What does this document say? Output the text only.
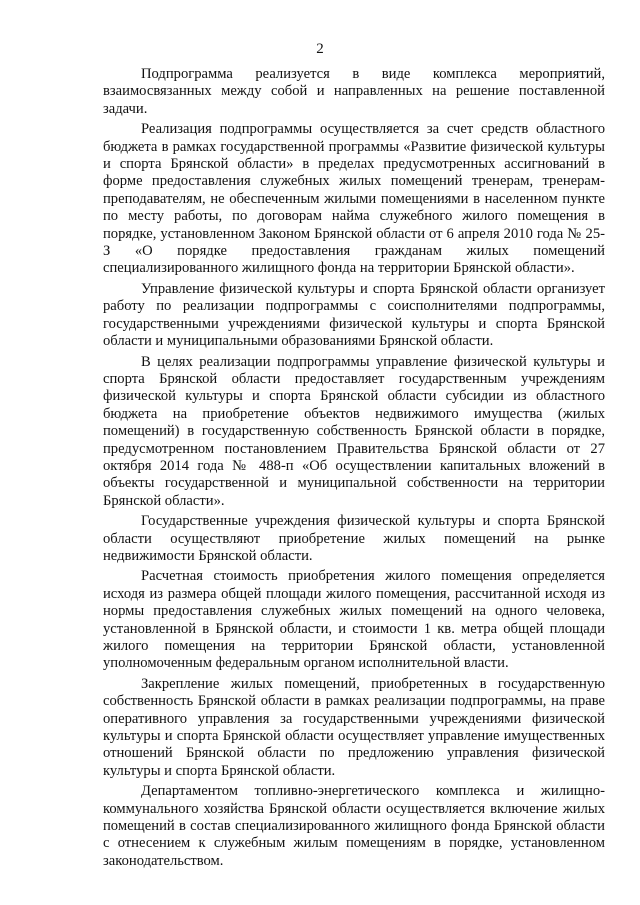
2

Подпрограмма реализуется в виде комплекса мероприятий, взаимосвязанных между собой и направленных на решение поставленной задачи.

Реализация подпрограммы осуществляется за счет средств областного бюджета в рамках государственной программы «Развитие физической культуры и спорта Брянской области» в пределах предусмотренных ассигнований в форме предоставления служебных жилых помещений тренерам, тренерам-преподавателям, не обеспеченным жилыми помещениями в населенном пункте по месту работы, по договорам найма служебного жилого помещения в порядке, установленном Законом Брянской области от 6 апреля 2010 года № 25-З «О порядке предоставления гражданам жилых помещений специализированного жилищного фонда на территории Брянской области».

Управление физической культуры и спорта Брянской области организует работу по реализации подпрограммы с соисполнителями подпрограммы, государственными учреждениями физической культуры и спорта Брянской области и муниципальными образованиями Брянской области.

В целях реализации подпрограммы управление физической культуры и спорта Брянской области предоставляет государственным учреждениям физической культуры и спорта Брянской области субсидии из областного бюджета на приобретение объектов недвижимого имущества (жилых помещений) в государственную собственность Брянской области в порядке, предусмотренном постановлением Правительства Брянской области от 27 октября 2014 года № 488-п «Об осуществлении капитальных вложений в объекты государственной и муниципальной собственности на территории Брянской области».

Государственные учреждения физической культуры и спорта Брянской области осуществляют приобретение жилых помещений на рынке недвижимости Брянской области.

Расчетная стоимость приобретения жилого помещения определяется исходя из размера общей площади жилого помещения, рассчитанной исходя из нормы предоставления служебных жилых помещений на одного человека, установленной в Брянской области, и стоимости 1 кв. метра общей площади жилого помещения на территории Брянской области, установленной уполномоченным федеральным органом исполнительной власти.

Закрепление жилых помещений, приобретенных в государственную собственность Брянской области в рамках реализации подпрограммы, на праве оперативного управления за государственными учреждениями физической культуры и спорта Брянской области осуществляет управление имущественных отношений Брянской области по предложению управления физической культуры и спорта Брянской области.

Департаментом топливно-энергетического комплекса и жилищно-коммунального хозяйства Брянской области осуществляется включение жилых помещений в состав специализированного жилищного фонда Брянской области с отнесением к служебным жилым помещениям в порядке, установленном законодательством.
